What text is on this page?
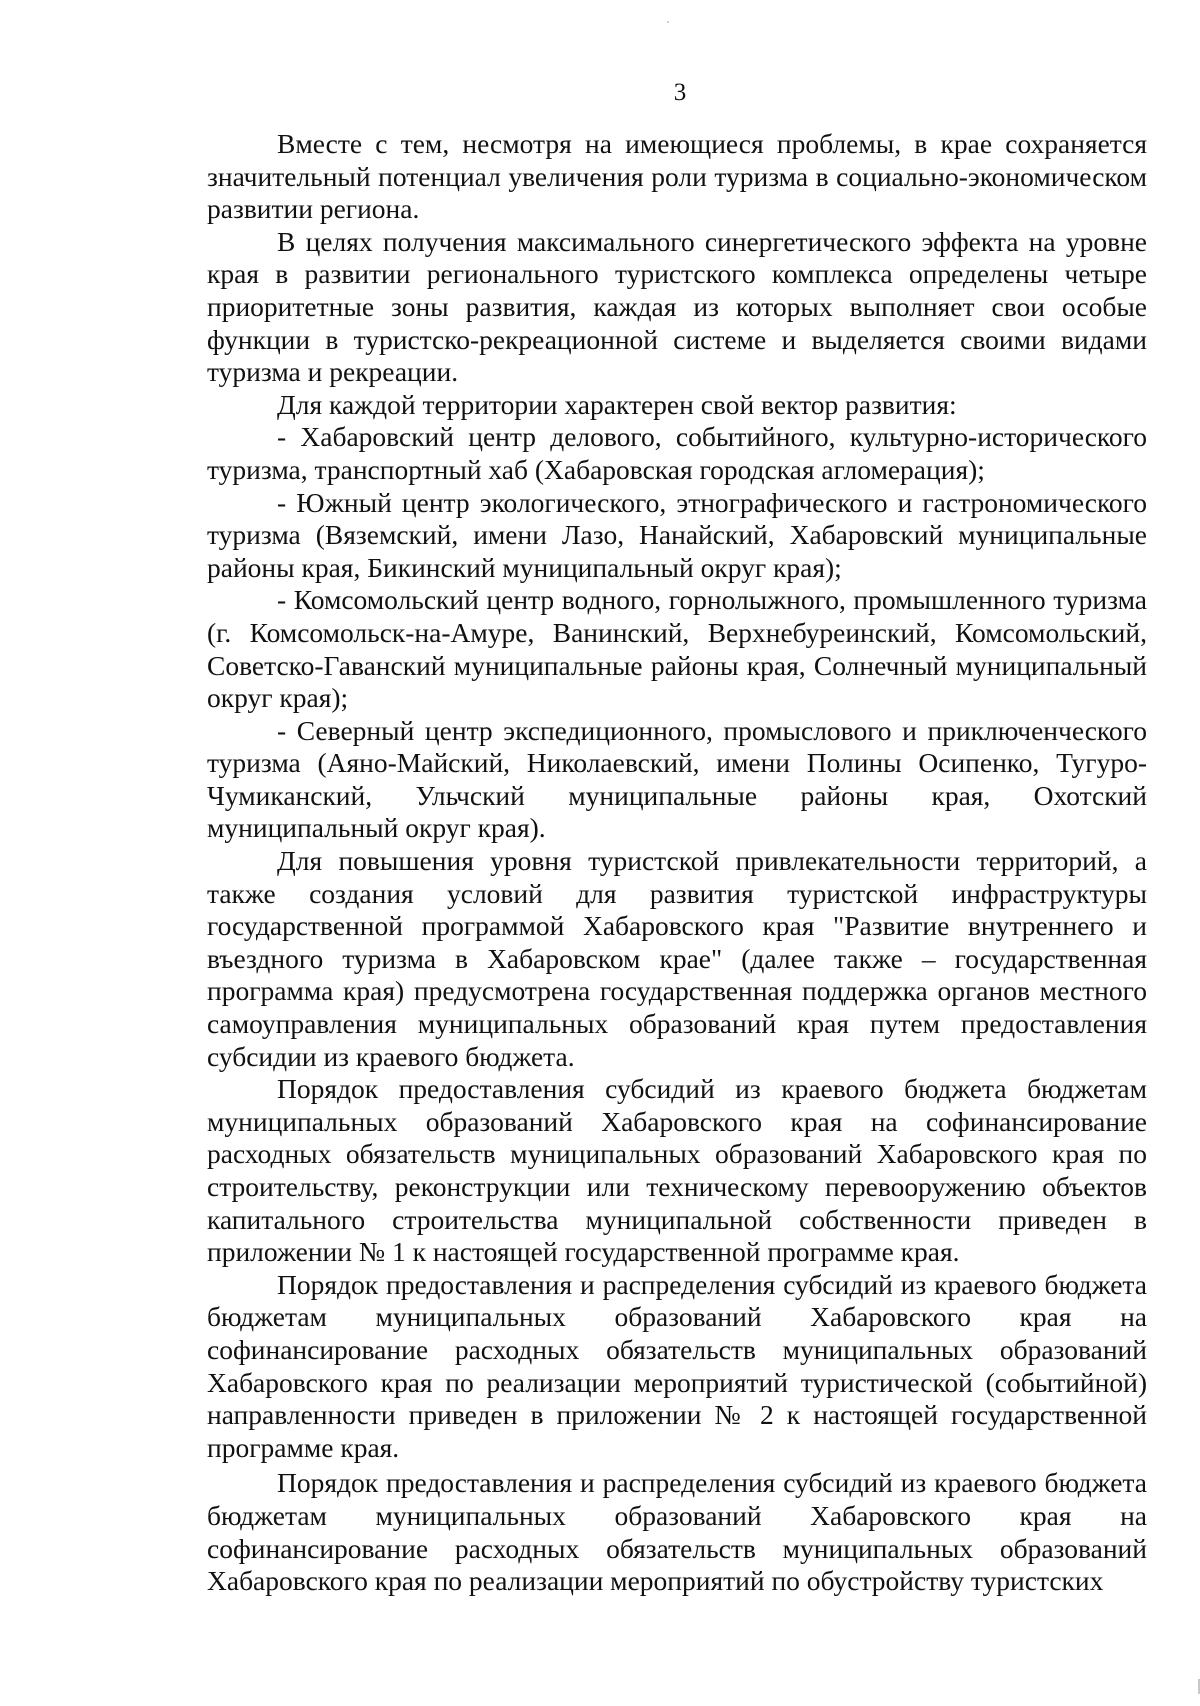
3

Вместе с тем, несмотря на имеющиеся проблемы, в крае сохраняется значительный потенциал увеличения роли туризма в социально-экономическом развитии региона.

В целях получения максимального синергетического эффекта на уровне края в развитии регионального туристского комплекса определены четыре приоритетные зоны развития, каждая из которых выполняет свои особые функции в туристско-рекреационной системе и выделяется своими видами туризма и рекреации.

Для каждой территории характерен свой вектор развития:

- Хабаровский центр делового, событийного, культурно-исторического туризма, транспортный хаб (Хабаровская городская агломерация);

- Южный центр экологического, этнографического и гастрономического туризма (Вяземский, имени Лазо, Нанайский, Хабаровский муниципальные районы края, Бикинский муниципальный округ края);

- Комсомольский центр водного, горнолыжного, промышленного туризма (г. Комсомольск-на-Амуре, Ванинский, Верхнебуреинский, Комсомольский, Советско-Гаванский муниципальные районы края, Солнечный муниципальный округ края);

- Северный центр экспедиционного, промыслового и приключенческого туризма (Аяно-Майский, Николаевский, имени Полины Осипенко, Тугуро-Чумиканский, Ульчский муниципальные районы края, Охотский муниципальный округ края).

Для повышения уровня туристской привлекательности территорий, а также создания условий для развития туристской инфраструктуры государственной программой Хабаровского края "Развитие внутреннего и въездного туризма в Хабаровском крае" (далее также – государственная программа края) предусмотрена государственная поддержка органов местного самоуправления муниципальных образований края путем предоставления субсидии из краевого бюджета.

Порядок предоставления субсидий из краевого бюджета бюджетам муниципальных образований Хабаровского края на софинансирование расходных обязательств муниципальных образований Хабаровского края по строительству, реконструкции или техническому перевооружению объектов капитального строительства муниципальной собственности приведен в приложении № 1 к настоящей государственной программе края.

Порядок предоставления и распределения субсидий из краевого бюджета бюджетам муниципальных образований Хабаровского края на софинансирование расходных обязательств муниципальных образований Хабаровского края по реализации мероприятий туристической (событийной) направленности приведен в приложении № 2 к настоящей государственной программе края.

Порядок предоставления и распределения субсидий из краевого бюджета бюджетам муниципальных образований Хабаровского края на софинансирование расходных обязательств муниципальных образований Хабаровского края по реализации мероприятий по обустройству туристских
